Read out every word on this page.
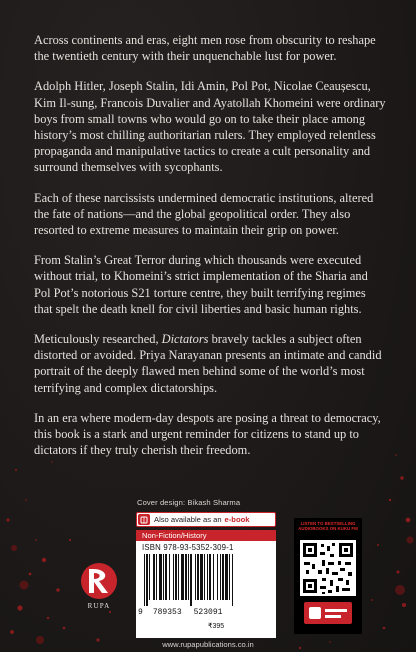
Across continents and eras, eight men rose from obscurity to reshape the twentieth century with their unquenchable lust for power.

Adolph Hitler, Joseph Stalin, Idi Amin, Pol Pot, Nicolae Ceaușescu, Kim Il-sung, Francois Duvalier and Ayatollah Khomeini were ordinary boys from small towns who would go on to take their place among history’s most chilling authoritarian rulers. They employed relentless propaganda and manipulative tactics to create a cult personality and surround themselves with sycophants.

Each of these narcissists undermined democratic institutions, altered the fate of nations—and the global geopolitical order. They also resorted to extreme measures to maintain their grip on power.

From Stalin’s Great Terror during which thousands were executed without trial, to Khomeini’s strict implementation of the Sharia and Pol Pot’s notorious S21 torture centre, they built terrifying regimes that spelt the death knell for civil liberties and basic human rights.

Meticulously researched, Dictators bravely tackles a subject often distorted or avoided. Priya Narayanan presents an intimate and candid portrait of the deeply flawed men behind some of the world’s most terrifying and complex dictatorships.

In an era where modern-day despots are posing a threat to democracy, this book is a stark and urgent reminder for citizens to stand up to dictators if they truly cherish their freedom.

Cover design: Bikash Sharma
Also available as an e-book
Non-Fiction/History
ISBN 978-93-5352-309-1
9 789353 523091
₹395
RUPA
LISTEN TO BESTSELLING AUDIOBOOKS ON KUKU FM
www.rupapublications.co.in
